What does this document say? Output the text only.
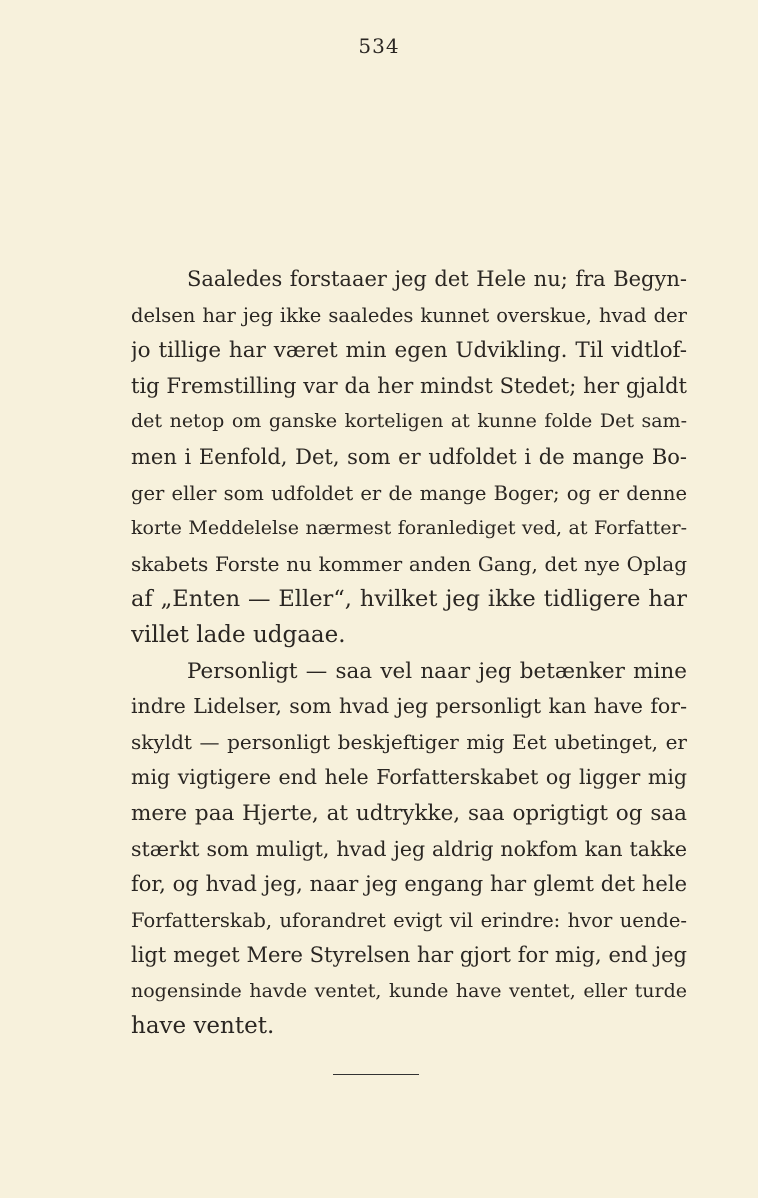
534
Saaledes forstaaer jeg det Hele nu; fra Begyn-
delsen har jeg ikke saaledes kunnet overskue, hvad der
jo tillige har været min egen Udvikling. Til vidtlof-
tig Fremstilling var da her mindst Stedet; her gjaldt
det netop om ganske korteligen at kunne folde Det sam-
men i Eenfold, Det, som er udfoldet i de mange Bo-
ger eller som udfoldet er de mange Boger; og er denne
korte Meddelelse nærmest foranlediget ved, at Forfatter-
skabets Forste nu kommer anden Gang, det nye Oplag
af „Enten — Eller“, hvilket jeg ikke tidligere har
villet lade udgaae.
Personligt — saa vel naar jeg betænker mine
indre Lidelser, som hvad jeg personligt kan have for-
skyldt — personligt beskjeftiger mig Eet ubetinget, er
mig vigtigere end hele Forfatterskabet og ligger mig
mere paa Hjerte, at udtrykke, saa oprigtigt og saa
stærkt som muligt, hvad jeg aldrig nokfom kan takke
for, og hvad jeg, naar jeg engang har glemt det hele
Forfatterskab, uforandret evigt vil erindre: hvor uende-
ligt meget Mere Styrelsen har gjort for mig, end jeg
nogensinde havde ventet, kunde have ventet, eller turde
have ventet.
